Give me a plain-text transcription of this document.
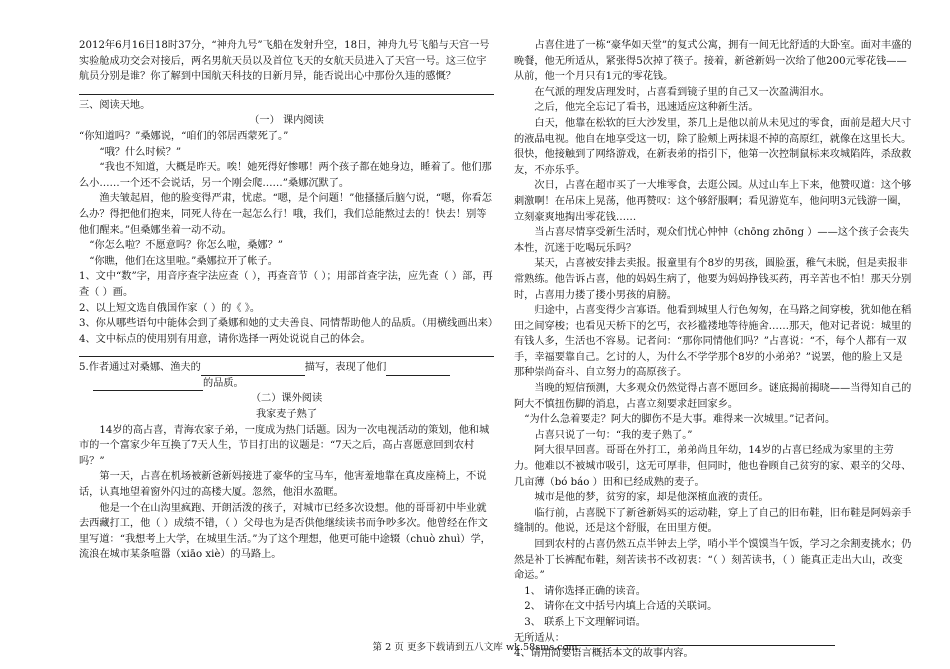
2012年6月16日18时37分，“神舟九号”飞船在发射升空，18日，神舟九号飞船与天宫一号实验舱成功交会对接后，两名男航天员以及首位飞天的女航天员进入了天宫一号。这三位宇航员分别是谁？你了解到中国航天科技的日新月异，能否说出心中那份久违的感慨？

三、阅读天地。

（一） 课内阅读

“你知道吗？”桑娜说，“咱们的邻居西蒙死了。”

“哦？什么时候？”

“我也不知道，大概是昨天。唉！她死得好惨哪！两个孩子都在她身边，睡着了。他们那么小……一个还不会说话，另一个刚会爬……”桑娜沉默了。

渔夫皱起眉，他的脸变得严肃，忧虑。“嗯，是个问题！”他搔搔后脑勺说，“嗯，你看怎么办？得把他们抱来，同死人待在一起怎么行！哦，我们，我们总能熬过去的！快去！别等他们醒来。”但桑娜坐着一动不动。

“你怎么啦？不愿意吗？你怎么啦，桑娜？”

“你瞧，他们在这里啦。”桑娜拉开了帐子。

1、文中“数”字，用音序查字法应查（ ），再查音节（ ）；用部首查字法，应先查（ ）部，再查（ ）画。

2、以上短文选自俄国作家（ ）的《 》。

3、你从哪些语句中能体会到了桑娜和她的丈夫善良、同情帮助他人的品质。（用横线画出来）

4、文中标点的使用别有用意，请你选择一两处说说自己的体会。

5.作者通过对桑娜、渔夫的	描写，表现了他们

的品质。

（二）课外阅读

我家麦子熟了

14岁的高占喜，青海农家子弟，一度成为热门话题。因为一次电视活动的策划，他和城市的一个富家少年互换了7天人生，节目打出的议题是：“7天之后，高占喜愿意回到农村吗？”

第一天，占喜在机场被新爸新妈接进了豪华的宝马车，他害羞地靠在真皮座椅上，不说话，认真地望着窗外闪过的高楼大厦。忽然，他泪水盈眶。

他是一个在山沟里疯跑、开朗活泼的孩子，对城市已经多次设想。他的哥哥初中毕业就去西藏打工，他（ ）成绩不错，（ ）父母也为是否供他继续读书而争吵多次。他曾经在作文里写道：“我想考上大学，在城里生活。”为了这个理想，他更可能中途辍（chuò zhuì）学，流浪在城市某条喧嚣（xiāo xiè）的马路上。

占喜住进了一栋“豪华如天堂”的复式公寓，拥有一间无比舒适的大卧室。面对丰盛的晚餐，他无所适从，紧张得5次掉了筷子。接着，新爸新妈一次给了他200元零花钱——从前，他一个月只有1元的零花钱。

在气派的理发店理发时，占喜看到镜子里的自己又一次盈满泪水。

之后，他完全忘记了看书，迅速适应这种新生活。

白天，他靠在松软的巨大沙发里，茶几上是他以前从未见过的零食，面前是超大尺寸的液晶电视。他自在地享受这一切，除了脸颊上两抹退不掉的高原红，就像在这里长大。很快，他接触到了网络游戏，在新表弟的指引下，他第一次控制鼠标来攻城陷阵，杀敌救友，不亦乐乎。

次日，占喜在超市买了一大堆零食，去逛公园。从过山车上下来，他赞叹道：这个够刺激啊！在吊床上晃荡，他再赞叹：这个够舒服啊；看见游览车，他问明3元钱游一圈，立刻豪爽地掏出零花钱……

当占喜尽情享受新生活时，观众们忧心忡忡（chōng zhōng ）——这个孩子会丧失本性，沉迷于吃喝玩乐吗？

某天，占喜被安排去卖报。报童里有个8岁的男孩，圆脸蛋，稚气未脱，但是卖报非常熟练。他告诉占喜，他的妈妈生病了，他要为妈妈挣钱买药，再辛苦也不怕！那天分别时，占喜用力搂了搂小男孩的肩膀。

归途中，占喜变得少言寡语。他看到城里人行色匆匆，在马路之间穿梭，犹如他在稻田之间穿梭；也看见天桥下的乞丐，衣衫褴褛地等待施舍……那天，他对记者说：城里的有钱人多，生活也不容易。记者问：“那你同情他们吗？”占喜说：“不，每个人都有一双手，幸福要靠自己。乞讨的人，为什么不学学那个8岁的小弟弟？”说罢，他的脸上又是那种崇尚奋斗、自立努力的高原孩子。

当晚的短信预测，大多观众仍然觉得占喜不愿回乡。谜底揭前揭晓——当得知自己的阿大不慎扭伤脚的消息，占喜立刻要求赶回家乡。

“为什么急着要走？阿大的脚伤不是大事。难得来一次城里。”记者问。

占喜只说了一句：“我的麦子熟了。”

阿大很早回喜。哥哥在外打工，弟弟尚且年幼，14岁的占喜已经成为家里的主劳力。他难以不被城市吸引，这无可厚非，但同时，他也眷顾自己贫穷的家、艰辛的父母、几亩薄（bó báo ）田和已经成熟的麦子。

城市是他的梦，贫穷的家，却是他深植血液的责任。

临行前，占喜脱下了新爸新妈买的运动鞋，穿上了自己的旧布鞋，旧布鞋是阿妈亲手缝制的。他说，还是这个舒服，在田里方便。

回到农村的占喜仍然五点半钟去上学，哨小半个馍馍当午饭，学习之余割麦挑水；仍然是补丁长裤配布鞋，刻苦读书不改初衷：“（ ）刻苦读书，（ ）能真正走出大山，改变命运。”

1、 请你选择正确的读音。

2、 请你在文中括号内填上合适的关联词。

3、 联系上下文理解词语。

无所适从：

4、请用简要语言概括本文的故事内容。

第 2 页 更多下载请到五八文库 wk.58sms.com
